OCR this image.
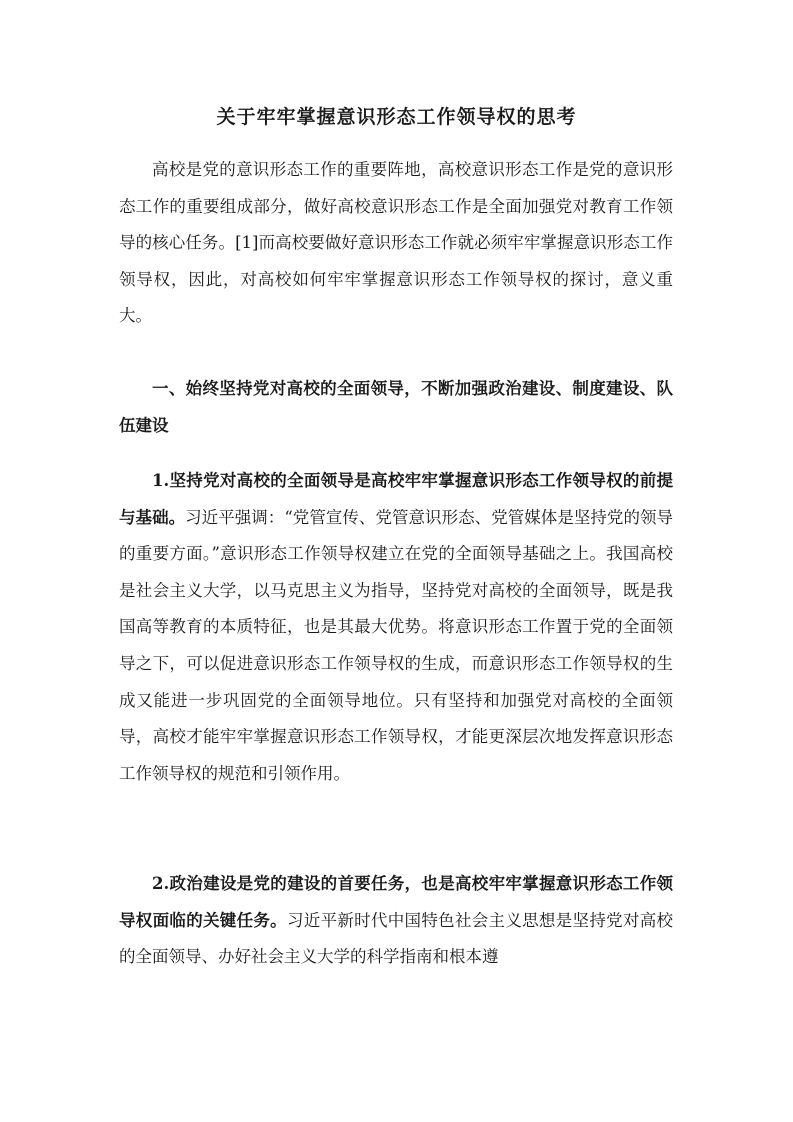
关于牢牢掌握意识形态工作领导权的思考

高校是党的意识形态工作的重要阵地，高校意识形态工作是党的意识形态工作的重要组成部分，做好高校意识形态工作是全面加强党对教育工作领导的核心任务。[1]而高校要做好意识形态工作就必须牢牢掌握意识形态工作领导权，因此，对高校如何牢牢掌握意识形态工作领导权的探讨，意义重大。

一、始终坚持党对高校的全面领导，不断加强政治建设、制度建设、队伍建设

1.坚持党对高校的全面领导是高校牢牢掌握意识形态工作领导权的前提与基础。习近平强调：“党管宣传、党管意识形态、党管媒体是坚持党的领导的重要方面。”意识形态工作领导权建立在党的全面领导基础之上。我国高校是社会主义大学，以马克思主义为指导，坚持党对高校的全面领导，既是我国高等教育的本质特征，也是其最大优势。将意识形态工作置于党的全面领导之下，可以促进意识形态工作领导权的生成，而意识形态工作领导权的生成又能进一步巩固党的全面领导地位。只有坚持和加强党对高校的全面领导，高校才能牢牢掌握意识形态工作领导权，才能更深层次地发挥意识形态工作领导权的规范和引领作用。

2.政治建设是党的建设的首要任务，也是高校牢牢掌握意识形态工作领导权面临的关键任务。习近平新时代中国特色社会主义思想是坚持党对高校的全面领导、办好社会主义大学的科学指南和根本遵
